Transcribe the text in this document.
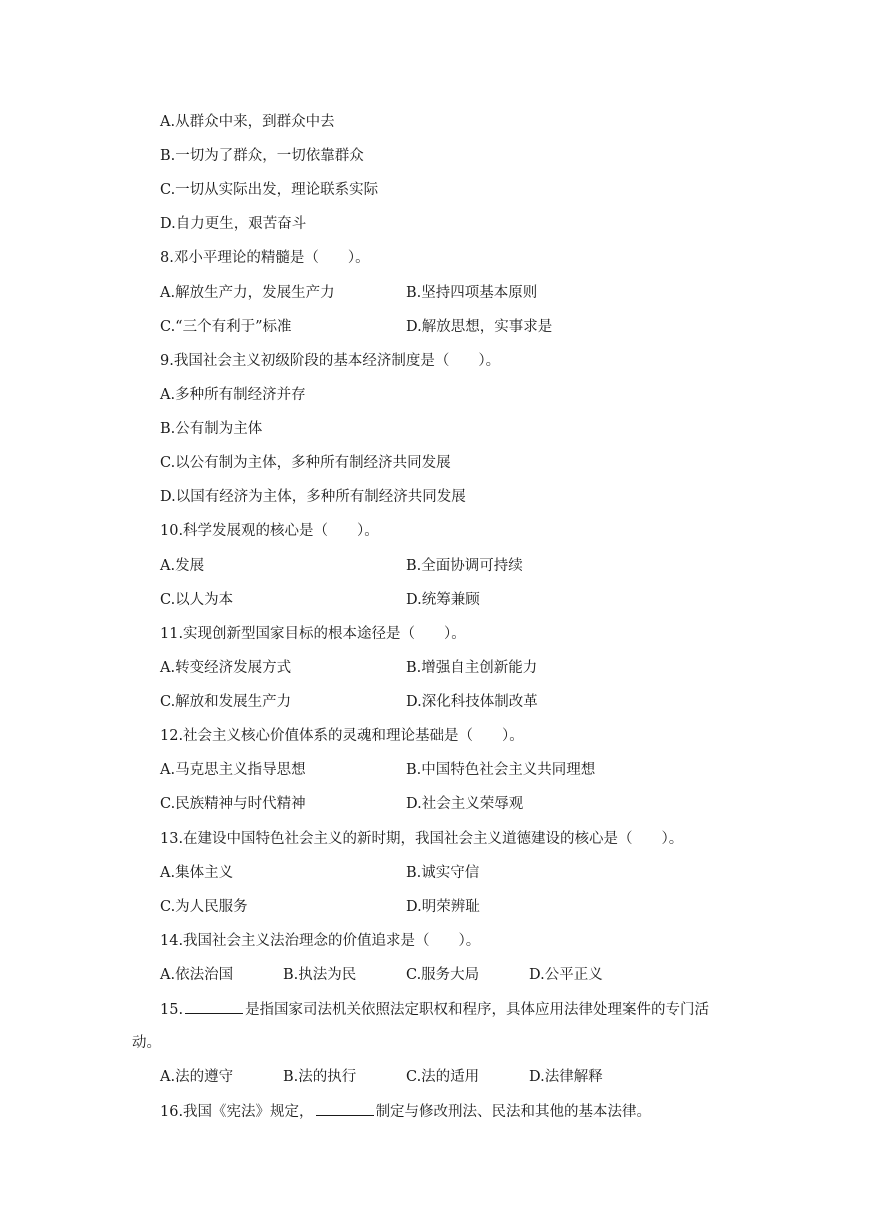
A.从群众中来，到群众中去
B.一切为了群众，一切依靠群众
C.一切从实际出发，理论联系实际
D.自力更生，艰苦奋斗
8.邓小平理论的精髓是（　　）。
A.解放生产力，发展生产力	B.坚持四项基本原则
C.“三个有利于”标准	D.解放思想，实事求是
9.我国社会主义初级阶段的基本经济制度是（　　）。
A.多种所有制经济并存
B.公有制为主体
C.以公有制为主体，多种所有制经济共同发展
D.以国有经济为主体，多种所有制经济共同发展
10.科学发展观的核心是（　　）。
A.发展	B.全面协调可持续
C.以人为本	D.统筹兼顾
11.实现创新型国家目标的根本途径是（　　）。
A.转变经济发展方式	B.增强自主创新能力
C.解放和发展生产力	D.深化科技体制改革
12.社会主义核心价值体系的灵魂和理论基础是（　　）。
A.马克思主义指导思想	B.中国特色社会主义共同理想
C.民族精神与时代精神	D.社会主义荣辱观
13.在建设中国特色社会主义的新时期，我国社会主义道德建设的核心是（　　）。
A.集体主义	B.诚实守信
C.为人民服务	D.明荣辨耻
14.我国社会主义法治理念的价值追求是（　　）。
A.依法治国	B.执法为民	C.服务大局	D.公平正义
15.	是指国家司法机关依照法定职权和程序，具体应用法律处理案件的专门活
动。
A.法的遵守	B.法的执行	C.法的适用	D.法律解释
16.我国《宪法》规定，	制定与修改刑法、民法和其他的基本法律。
